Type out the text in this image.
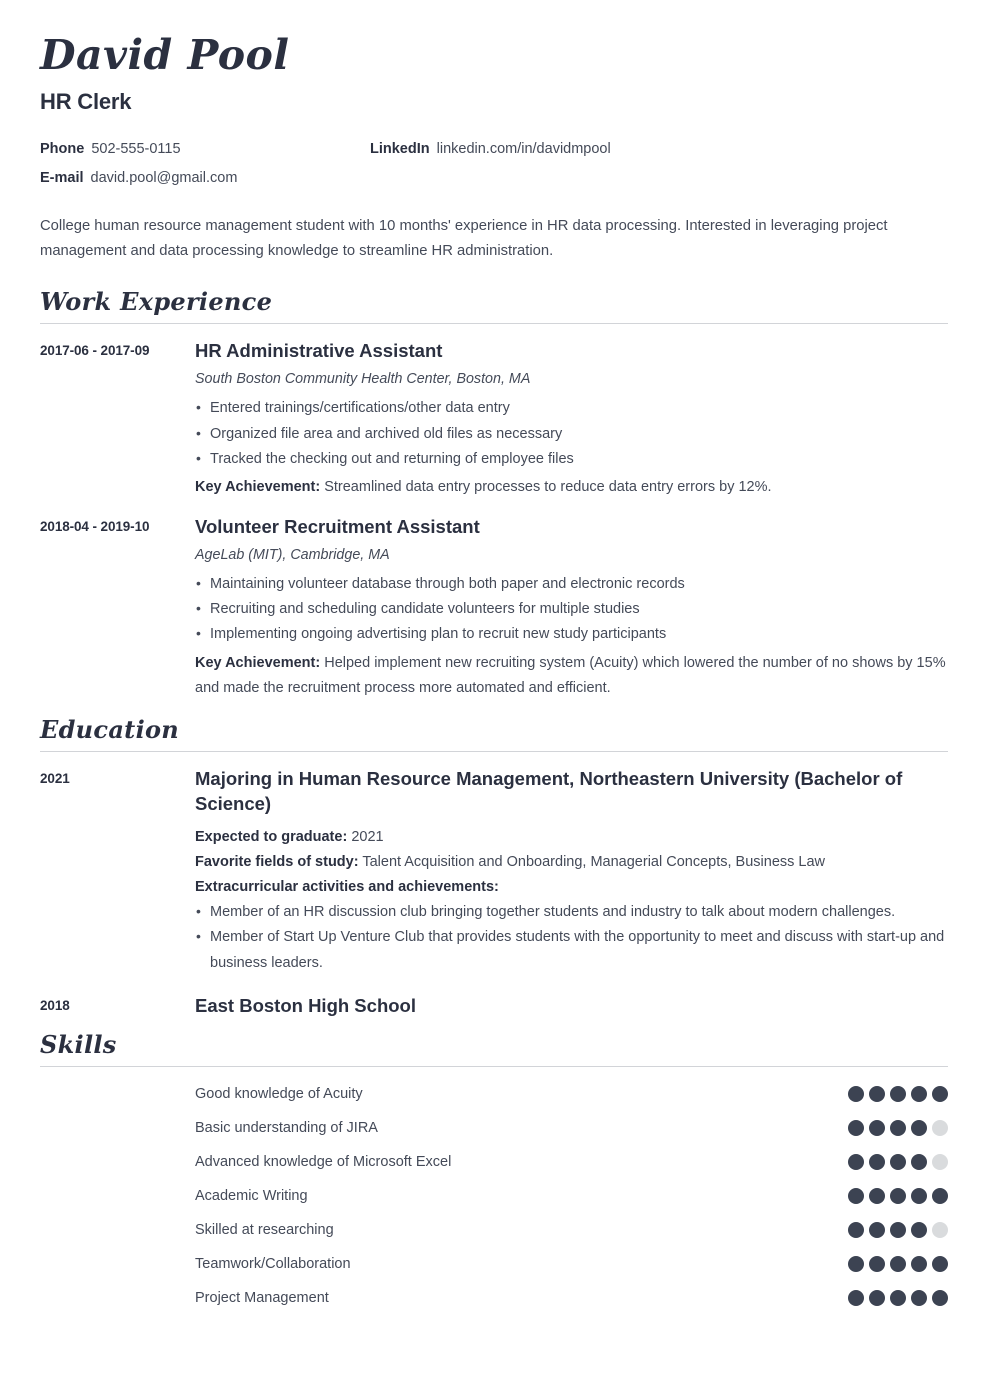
David Pool
HR Clerk
Phone 502-555-0115	LinkedIn linkedin.com/in/davidmpool
E-mail david.pool@gmail.com

College human resource management student with 10 months' experience in HR data processing. Interested in leveraging project management and data processing knowledge to streamline HR administration.

Work Experience
2017-06 - 2017-09	HR Administrative Assistant
South Boston Community Health Center, Boston, MA
• Entered trainings/certifications/other data entry
• Organized file area and archived old files as necessary
• Tracked the checking out and returning of employee files
Key Achievement: Streamlined data entry processes to reduce data entry errors by 12%.
2018-04 - 2019-10	Volunteer Recruitment Assistant
AgeLab (MIT), Cambridge, MA
• Maintaining volunteer database through both paper and electronic records
• Recruiting and scheduling candidate volunteers for multiple studies
• Implementing ongoing advertising plan to recruit new study participants
Key Achievement: Helped implement new recruiting system (Acuity) which lowered the number of no shows by 15% and made the recruitment process more automated and efficient.
Education
2021	Majoring in Human Resource Management, Northeastern University (Bachelor of Science)
Expected to graduate: 2021
Favorite fields of study: Talent Acquisition and Onboarding, Managerial Concepts, Business Law
Extracurricular activities and achievements:
• Member of an HR discussion club bringing together students and industry to talk about modern challenges.
• Member of Start Up Venture Club that provides students with the opportunity to meet and discuss with start-up and business leaders.
2018	East Boston High School
Skills
Good knowledge of Acuity
Basic understanding of JIRA
Advanced knowledge of Microsoft Excel
Academic Writing
Skilled at researching
Teamwork/Collaboration
Project Management
